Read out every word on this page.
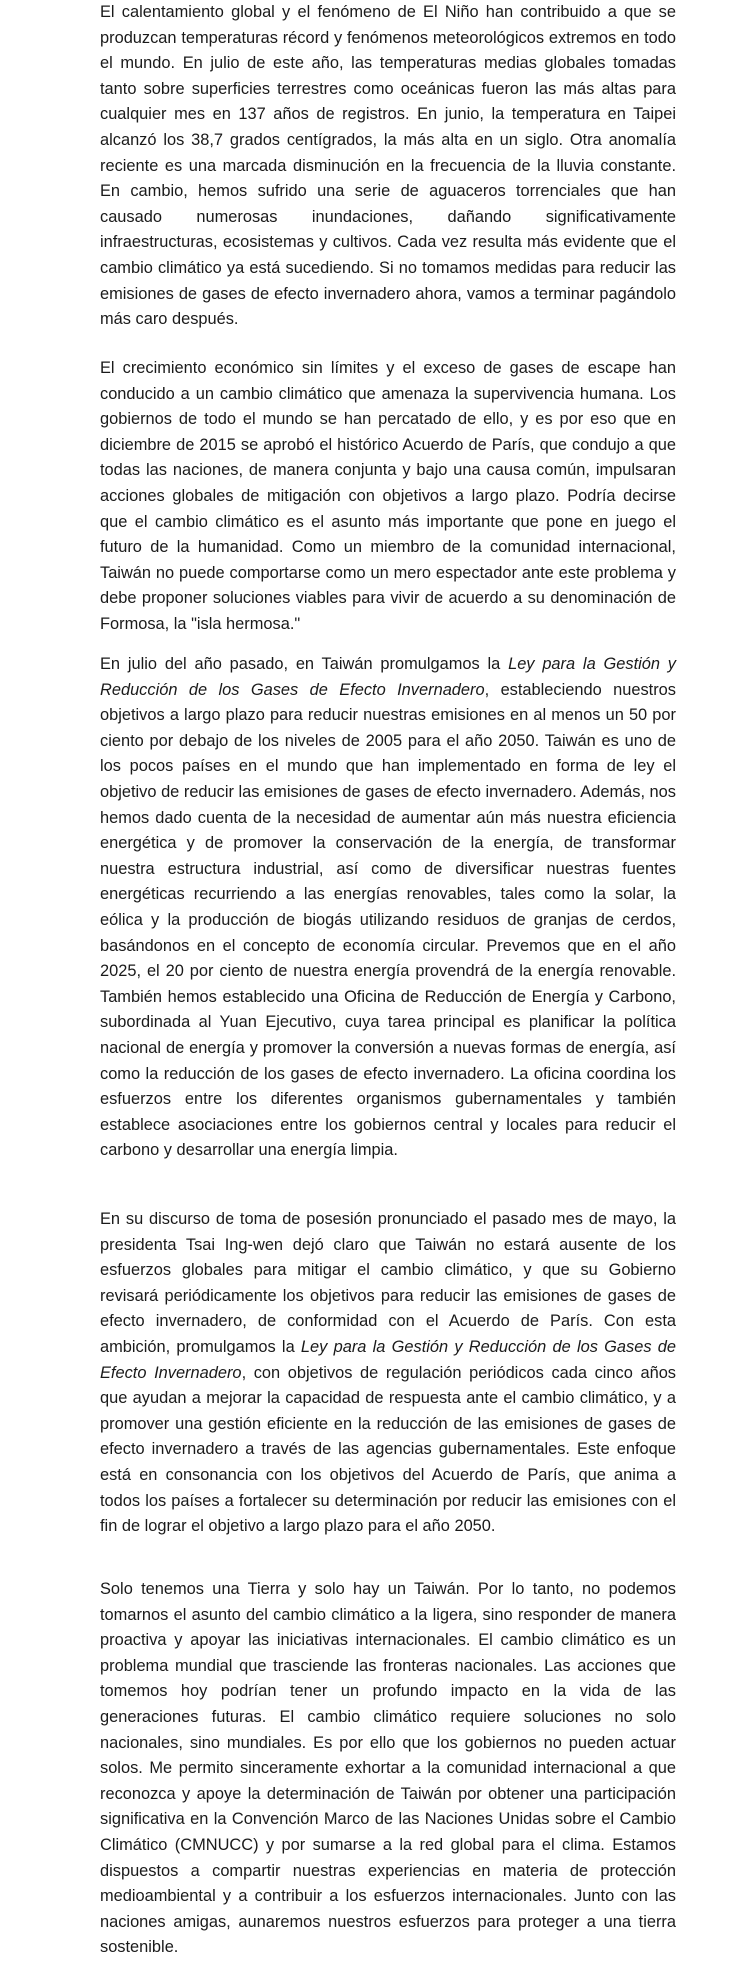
El calentamiento global y el fenómeno de El Niño han contribuido a que se produzcan temperaturas récord y fenómenos meteorológicos extremos en todo el mundo. En julio de este año, las temperaturas medias globales tomadas tanto sobre superficies terrestres como oceánicas fueron las más altas para cualquier mes en 137 años de registros. En junio, la temperatura en Taipei alcanzó los 38,7 grados centígrados, la más alta en un siglo. Otra anomalía reciente es una marcada disminución en la frecuencia de la lluvia constante. En cambio, hemos sufrido una serie de aguaceros torrenciales que han causado numerosas inundaciones, dañando significativamente infraestructuras, ecosistemas y cultivos. Cada vez resulta más evidente que el cambio climático ya está sucediendo. Si no tomamos medidas para reducir las emisiones de gases de efecto invernadero ahora, vamos a terminar pagándolo más caro después.

El crecimiento económico sin límites y el exceso de gases de escape han conducido a un cambio climático que amenaza la supervivencia humana. Los gobiernos de todo el mundo se han percatado de ello, y es por eso que en diciembre de 2015 se aprobó el histórico Acuerdo de París, que condujo a que todas las naciones, de manera conjunta y bajo una causa común, impulsaran acciones globales de mitigación con objetivos a largo plazo. Podría decirse que el cambio climático es el asunto más importante que pone en juego el futuro de la humanidad. Como un miembro de la comunidad internacional, Taiwán no puede comportarse como un mero espectador ante este problema y debe proponer soluciones viables para vivir de acuerdo a su denominación de Formosa, la "isla hermosa."

En julio del año pasado, en Taiwán promulgamos la Ley para la Gestión y Reducción de los Gases de Efecto Invernadero, estableciendo nuestros objetivos a largo plazo para reducir nuestras emisiones en al menos un 50 por ciento por debajo de los niveles de 2005 para el año 2050. Taiwán es uno de los pocos países en el mundo que han implementado en forma de ley el objetivo de reducir las emisiones de gases de efecto invernadero. Además, nos hemos dado cuenta de la necesidad de aumentar aún más nuestra eficiencia energética y de promover la conservación de la energía, de transformar nuestra estructura industrial, así como de diversificar nuestras fuentes energéticas recurriendo a las energías renovables, tales como la solar, la eólica y la producción de biogás utilizando residuos de granjas de cerdos, basándonos en el concepto de economía circular. Prevemos que en el año 2025, el 20 por ciento de nuestra energía provendrá de la energía renovable. También hemos establecido una Oficina de Reducción de Energía y Carbono, subordinada al Yuan Ejecutivo, cuya tarea principal es planificar la política nacional de energía y promover la conversión a nuevas formas de energía, así como la reducción de los gases de efecto invernadero. La oficina coordina los esfuerzos entre los diferentes organismos gubernamentales y también establece asociaciones entre los gobiernos central y locales para reducir el carbono y desarrollar una energía limpia.

En su discurso de toma de posesión pronunciado el pasado mes de mayo, la presidenta Tsai Ing-wen dejó claro que Taiwán no estará ausente de los esfuerzos globales para mitigar el cambio climático, y que su Gobierno revisará periódicamente los objetivos para reducir las emisiones de gases de efecto invernadero, de conformidad con el Acuerdo de París. Con esta ambición, promulgamos la Ley para la Gestión y Reducción de los Gases de Efecto Invernadero, con objetivos de regulación periódicos cada cinco años que ayudan a mejorar la capacidad de respuesta ante el cambio climático, y a promover una gestión eficiente en la reducción de las emisiones de gases de efecto invernadero a través de las agencias gubernamentales. Este enfoque está en consonancia con los objetivos del Acuerdo de París, que anima a todos los países a fortalecer su determinación por reducir las emisiones con el fin de lograr el objetivo a largo plazo para el año 2050.

Solo tenemos una Tierra y solo hay un Taiwán. Por lo tanto, no podemos tomarnos el asunto del cambio climático a la ligera, sino responder de manera proactiva y apoyar las iniciativas internacionales. El cambio climático es un problema mundial que trasciende las fronteras nacionales. Las acciones que tomemos hoy podrían tener un profundo impacto en la vida de las generaciones futuras. El cambio climático requiere soluciones no solo nacionales, sino mundiales. Es por ello que los gobiernos no pueden actuar solos. Me permito sinceramente exhortar a la comunidad internacional a que reconozca y apoye la determinación de Taiwán por obtener una participación significativa en la Convención Marco de las Naciones Unidas sobre el Cambio Climático (CMNUCC) y por sumarse a la red global para el clima. Estamos dispuestos a compartir nuestras experiencias en materia de protección medioambiental y a contribuir a los esfuerzos internacionales. Junto con las naciones amigas, aunaremos nuestros esfuerzos para proteger a una tierra sostenible.
